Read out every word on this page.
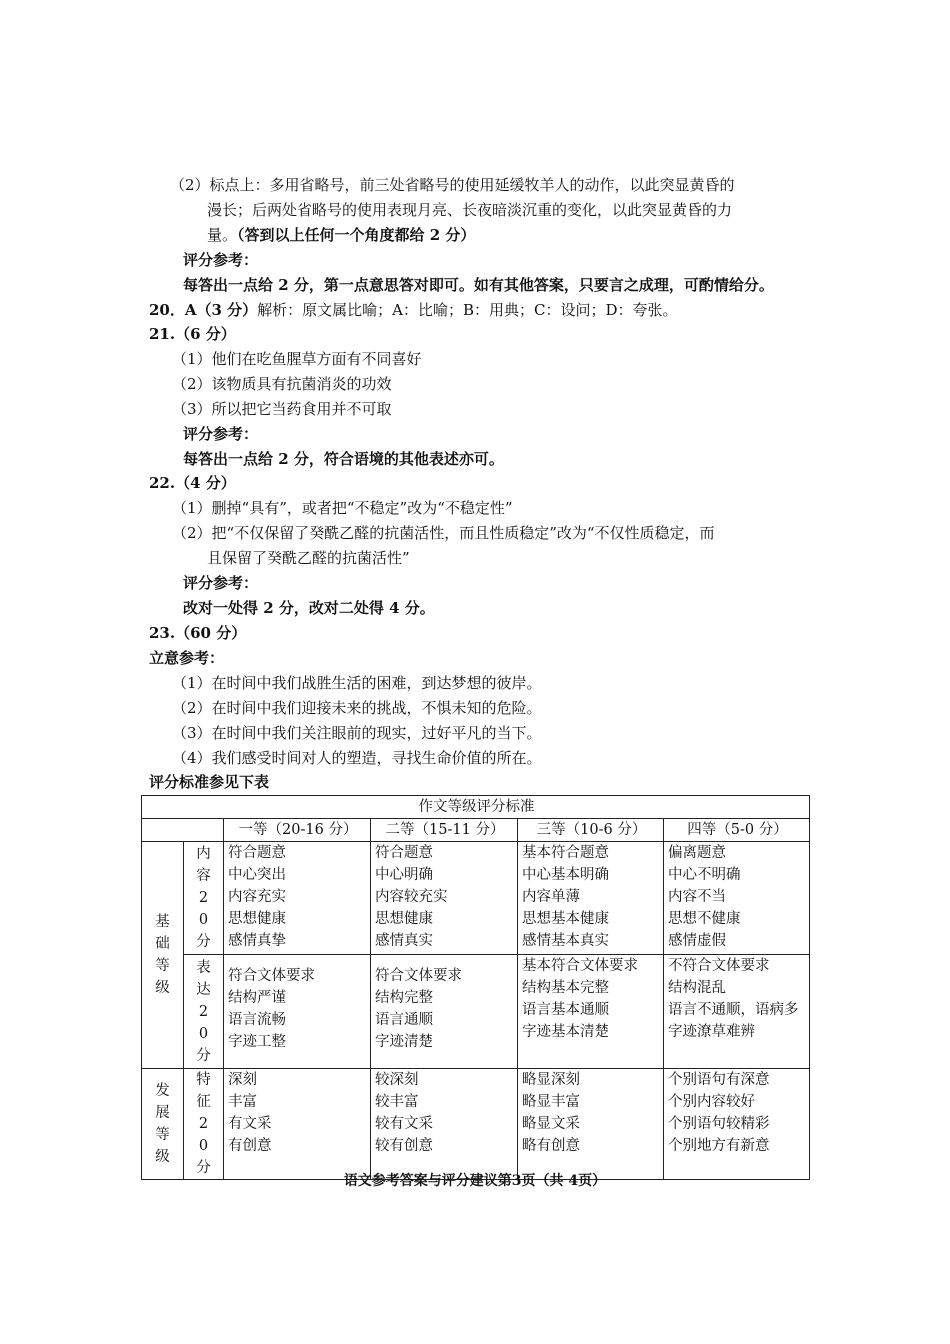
（2）标点上：多用省略号，前三处省略号的使用延缓牧羊人的动作，以此突显黄昏的
漫长；后两处省略号的使用表现月亮、长夜暗淡沉重的变化，以此突显黄昏的力
量。（答到以上任何一个角度都给 2 分）
评分参考：
每答出一点给 2 分，第一点意思答对即可。如有其他答案，只要言之成理，可酌情给分。
20．A（3 分）解析：原文属比喻；A：比喻；B：用典；C：设问；D：夸张。
21.（6 分）
（1）他们在吃鱼腥草方面有不同喜好
（2）该物质具有抗菌消炎的功效
（3）所以把它当药食用并不可取
评分参考：
每答出一点给 2 分，符合语境的其他表述亦可。
22.（4 分）
（1）删掉“具有”，或者把“不稳定”改为“不稳定性”
（2）把“不仅保留了癸酰乙醛的抗菌活性，而且性质稳定”改为“不仅性质稳定，而
且保留了癸酰乙醛的抗菌活性”
评分参考：
改对一处得 2 分，改对二处得 4 分。
23.（60 分）
立意参考：
（1）在时间中我们战胜生活的困难，到达梦想的彼岸。
（2）在时间中我们迎接未来的挑战，不惧未知的危险。
（3）在时间中我们关注眼前的现实，过好平凡的当下。
（4）我们感受时间对人的塑造，寻找生命价值的所在。
评分标准参见下表
作文等级评分标准					
		一等（20-16 分）	二等（15-11 分）	三等（10-6 分）	四等（5-0 分）

基础等级	内容20分	符合题意
中心突出
内容充实
思想健康
感情真挚	符合题意
中心明确
内容较充实
思想健康
感情真实	基本符合题意
中心基本明确
内容单薄
思想基本健康
感情基本真实	偏离题意
中心不明确
内容不当
思想不健康
感情虚假

	表达20分	符合文体要求
结构严谨
语言流畅
字迹工整	符合文体要求
结构完整
语言通顺
字迹清楚	基本符合文体要求
结构基本完整
语言基本通顺
字迹基本清楚	不符合文体要求
结构混乱
语言不通顺，语病多
字迹潦草难辨

发展等级	特征20分	深刻
丰富
有文采
有创意	较深刻
较丰富
较有文采
较有创意	略显深刻
略显丰富
略显文采
略有创意	个别语句有深意
个别内容较好
个别语句较精彩
个别地方有新意
语文参考答案与评分建议第3页（共 4页）
